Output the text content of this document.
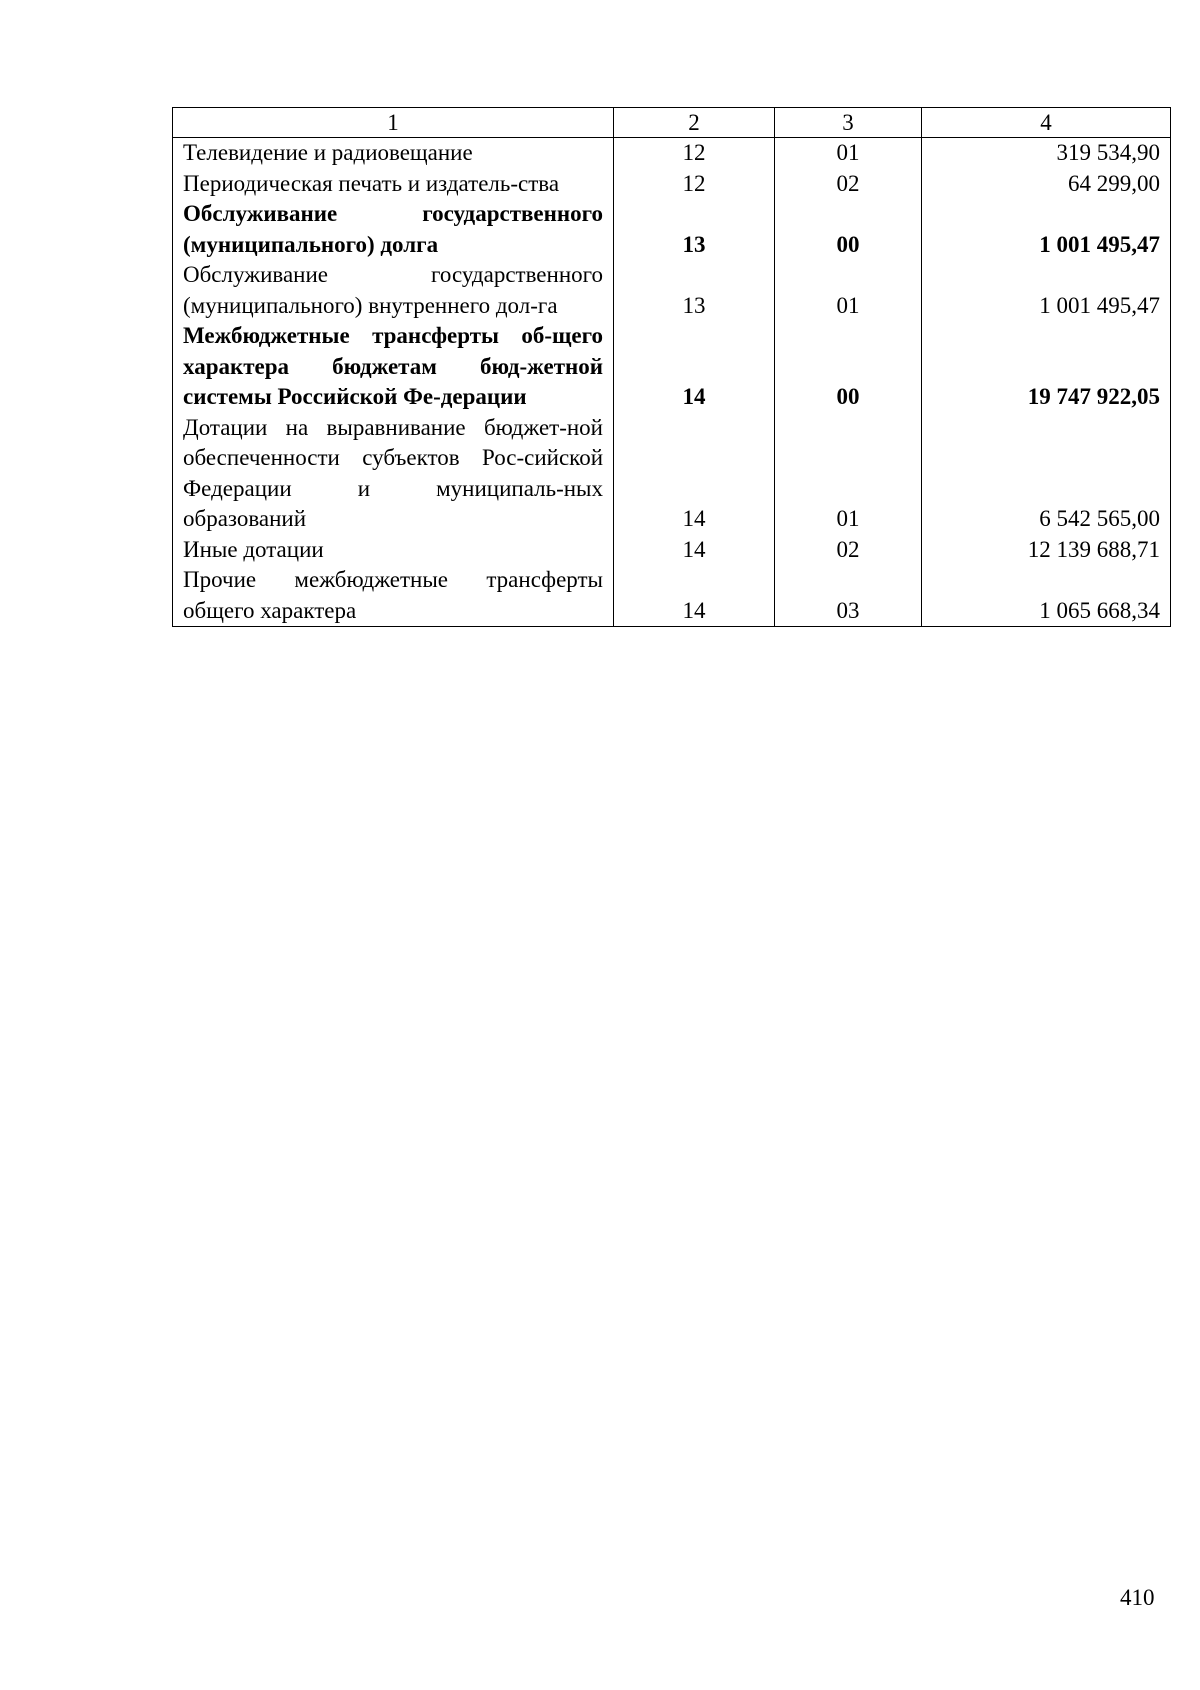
1	2	3	4
Телевидение и радиовещание	12	01	319 534,90
Периодическая печать и издатель-ства	12	02	64 299,00
Обслуживание государственного (муниципального) долга	13	00	1 001 495,47
Обслуживание государственного (муниципального) внутреннего дол-га	13	01	1 001 495,47
Межбюджетные трансферты об-щего характера бюджетам бюд-жетной системы Российской Фе-дерации	14	00	19 747 922,05
Дотации на выравнивание бюджет-ной обеспеченности субъектов Рос-сийской Федерации и муниципаль-ных образований	14	01	6 542 565,00
Иные дотации	14	02	12 139 688,71
Прочие межбюджетные трансферты общего характера	14	03	1 065 668,34
410
